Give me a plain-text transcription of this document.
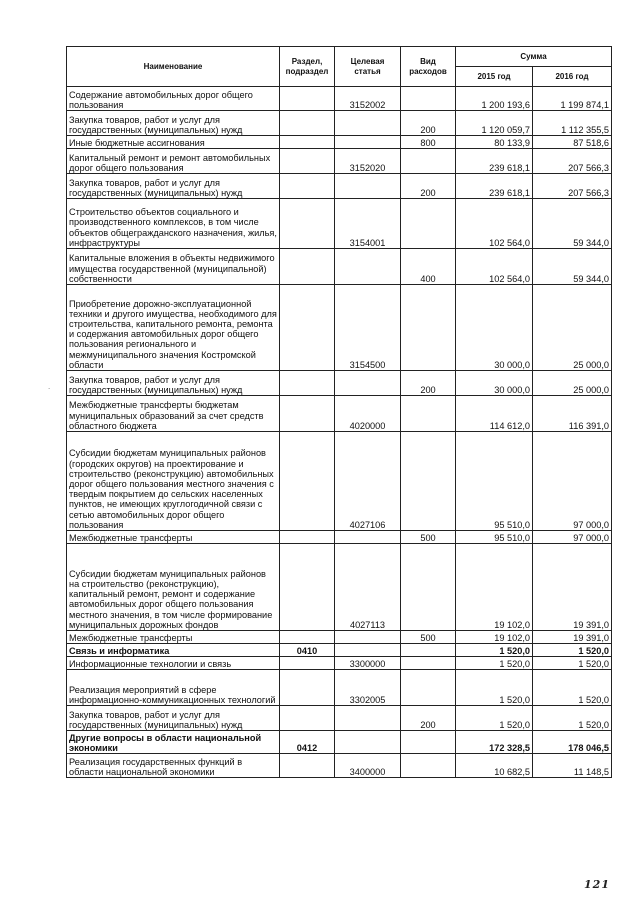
Наименование	Раздел, подраздел	Целевая статья	Вид расходов	Сумма	
				2015 год	2016 год
Содержание автомобильных дорог общего пользования		3152002		1 200 193,6	1 199 874,1
Закупка товаров, работ и услуг для государственных (муниципальных) нужд			200	1 120 059,7	1 112 355,5
Иные бюджетные ассигнования			800	80 133,9	87 518,6
Капитальный ремонт и ремонт автомобильных дорог общего пользования		3152020		239 618,1	207 566,3
Закупка товаров, работ и услуг для государственных (муниципальных) нужд			200	239 618,1	207 566,3
Строительство объектов социального и производственного комплексов, в том числе объектов общегражданского назначения, жилья, инфраструктуры		3154001		102 564,0	59 344,0
Капитальные вложения в объекты недвижимого имущества государственной (муниципальной) собственности			400	102 564,0	59 344,0
Приобретение дорожно-эксплуатационной техники и другого имущества, необходимого для строительства, капитального ремонта, ремонта и содержания автомобильных дорог общего пользования регионального и межмуниципального значения Костромской области		3154500		30 000,0	25 000,0
Закупка товаров, работ и услуг для государственных (муниципальных) нужд			200	30 000,0	25 000,0
Межбюджетные трансферты бюджетам муниципальных образований за счет средств областного бюджета		4020000		114 612,0	116 391,0
Субсидии бюджетам муниципальных районов (городских округов) на проектирование и строительство (реконструкцию) автомобильных дорог общего пользования местного значения с твердым покрытием до сельских населенных пунктов, не имеющих круглогодичной связи с сетью автомобильных дорог общего пользования		4027106		95 510,0	97 000,0
Межбюджетные трансферты			500	95 510,0	97 000,0
Субсидии бюджетам муниципальных районов на строительство (реконструкцию), капитальный ремонт, ремонт и содержание автомобильных дорог общего пользования местного значения, в том числе формирование муниципальных дорожных фондов		4027113		19 102,0	19 391,0
Межбюджетные трансферты			500	19 102,0	19 391,0
Связь и информатика	0410			1 520,0	1 520,0
Информационные технологии и связь		3300000		1 520,0	1 520,0
Реализация мероприятий в сфере информационно-коммуникационных технологий		3302005		1 520,0	1 520,0
Закупка товаров, работ и услуг для государственных (муниципальных) нужд			200	1 520,0	1 520,0
Другие вопросы в области национальной экономики	0412			172 328,5	178 046,5
Реализация государственных функций в области национальной экономики		3400000		10 682,5	11 148,5
.
121
